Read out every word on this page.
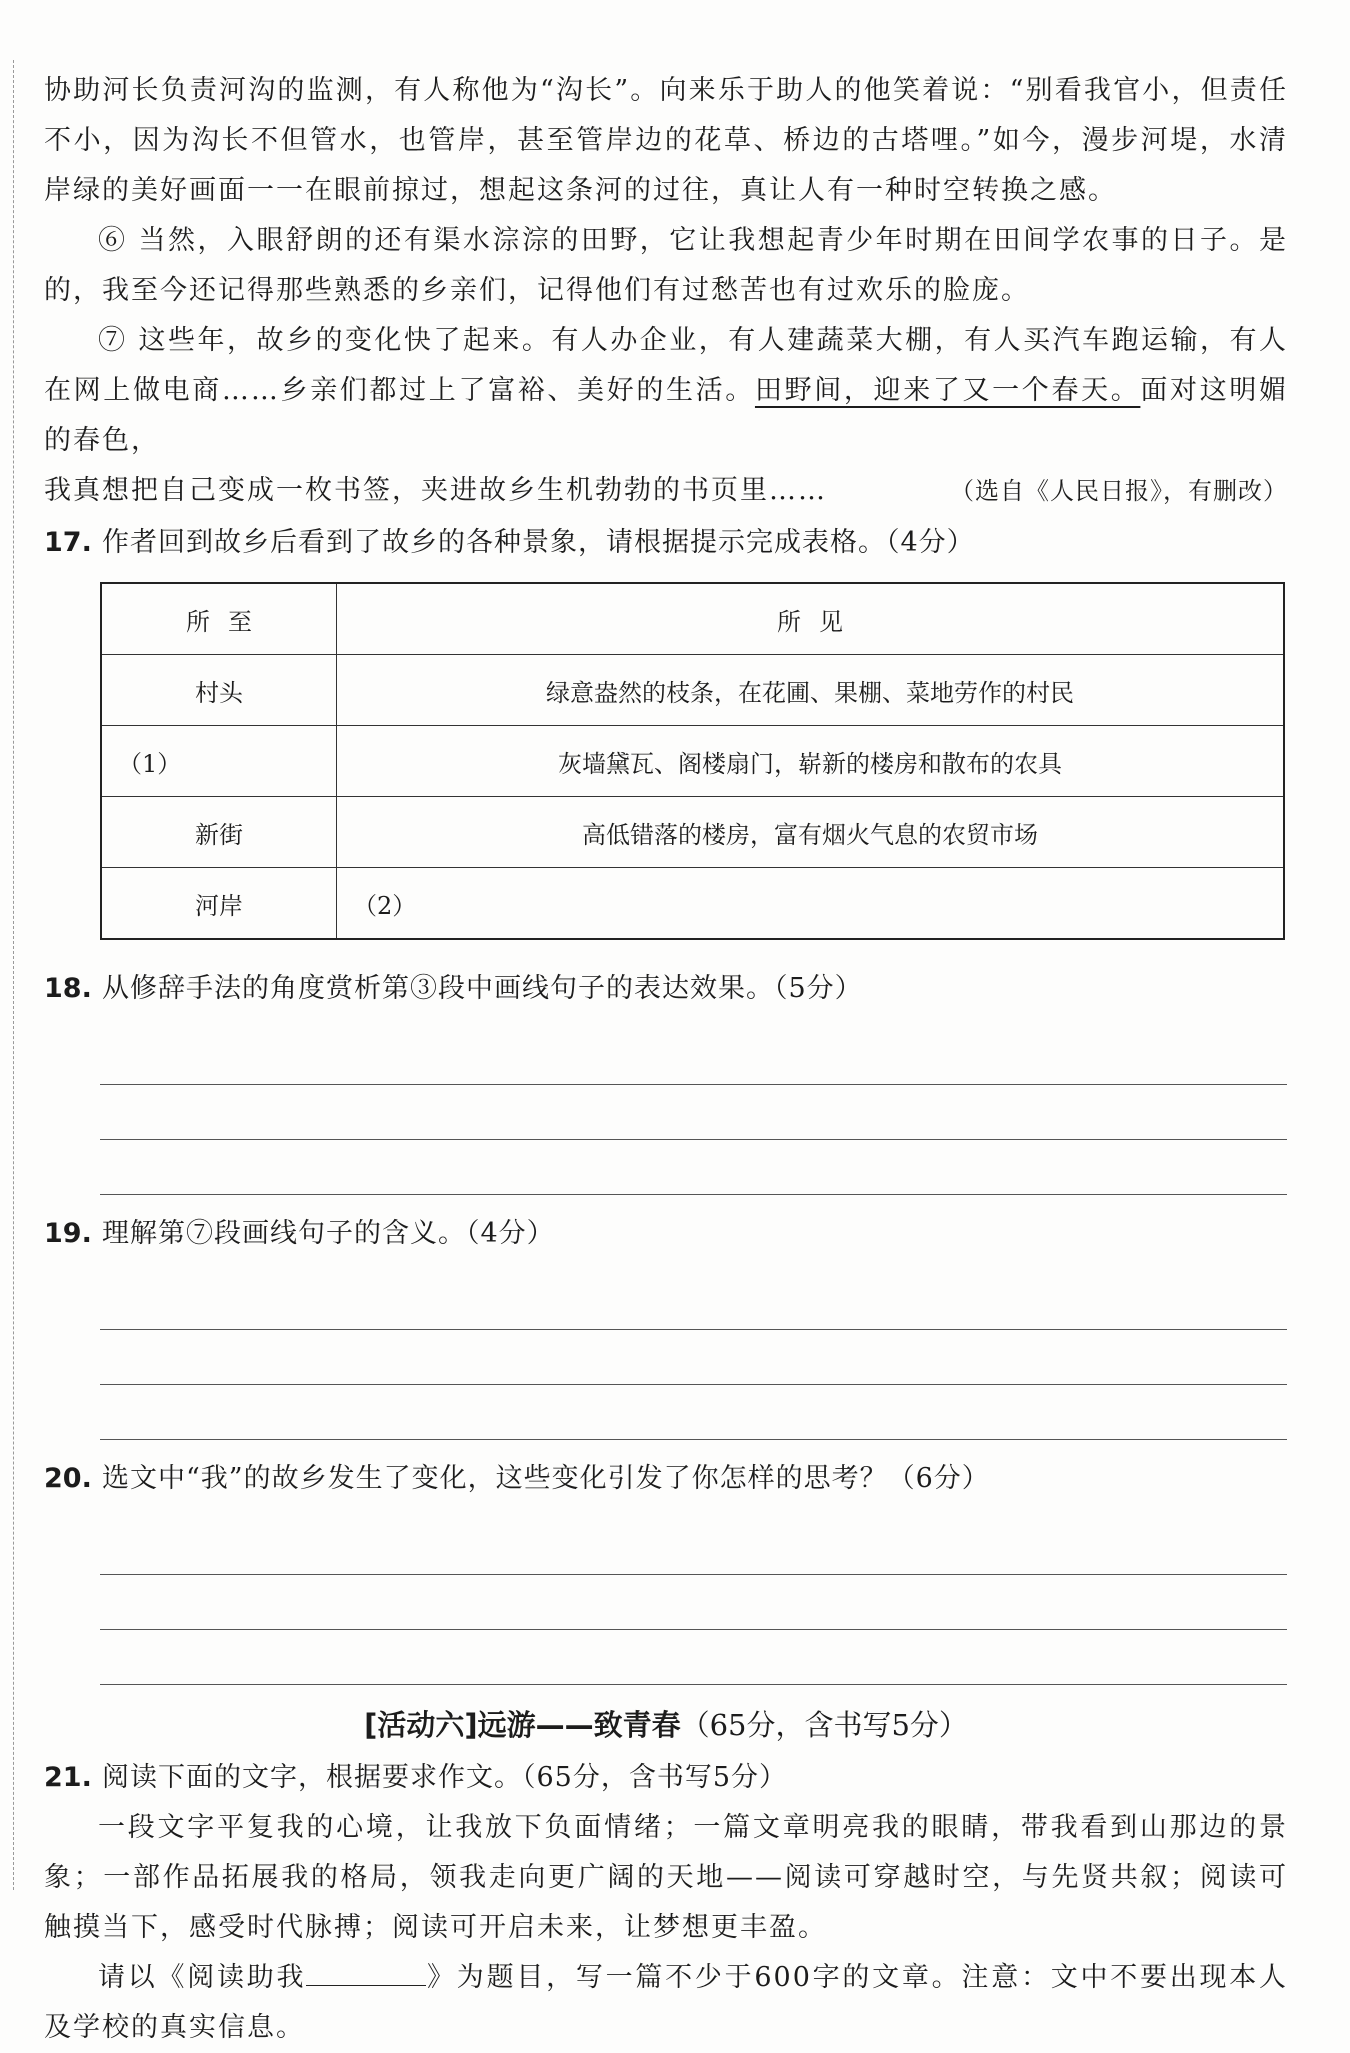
协助河长负责河沟的监测，有人称他为“沟长”。向来乐于助人的他笑着说：“别看我官小，但责任不小，因为沟长不但管水，也管岸，甚至管岸边的花草、桥边的古塔哩。”如今，漫步河堤，水清岸绿的美好画面一一在眼前掠过，想起这条河的过往，真让人有一种时空转换之感。

⑥ 当然，入眼舒朗的还有渠水淙淙的田野，它让我想起青少年时期在田间学农事的日子。是的，我至今还记得那些熟悉的乡亲们，记得他们有过愁苦也有过欢乐的脸庞。

⑦ 这些年，故乡的变化快了起来。有人办企业，有人建蔬菜大棚，有人买汽车跑运输，有人在网上做电商……乡亲们都过上了富裕、美好的生活。田野间，迎来了又一个春天。面对这明媚的春色，

我真想把自己变成一枚书签，夹进故乡生机勃勃的书页里……	（选自《人民日报》，有删改）
17. 作者回到故乡后看到了故乡的各种景象，请根据提示完成表格。（4分）
所至	所见
村头	绿意盎然的枝条，在花圃、果棚、菜地劳作的村民
（1）	灰墙黛瓦、阁楼扇门，崭新的楼房和散布的农具
新街	高低错落的楼房，富有烟火气息的农贸市场
河岸	（2）
18. 从修辞手法的角度赏析第③段中画线句子的表达效果。（5分）
19. 理解第⑦段画线句子的含义。（4分）
20. 选文中“我”的故乡发生了变化，这些变化引发了你怎样的思考？（6分）
[活动六]远游——致青春（65分，含书写5分）
21. 阅读下面的文字，根据要求作文。（65分，含书写5分）

一段文字平复我的心境，让我放下负面情绪；一篇文章明亮我的眼睛，带我看到山那边的景象；一部作品拓展我的格局，领我走向更广阔的天地——阅读可穿越时空，与先贤共叙；阅读可触摸当下，感受时代脉搏；阅读可开启未来，让梦想更丰盈。

请以《阅读助我	》为题目，写一篇不少于600字的文章。注意：文中不要出现本人及学校的真实信息。
